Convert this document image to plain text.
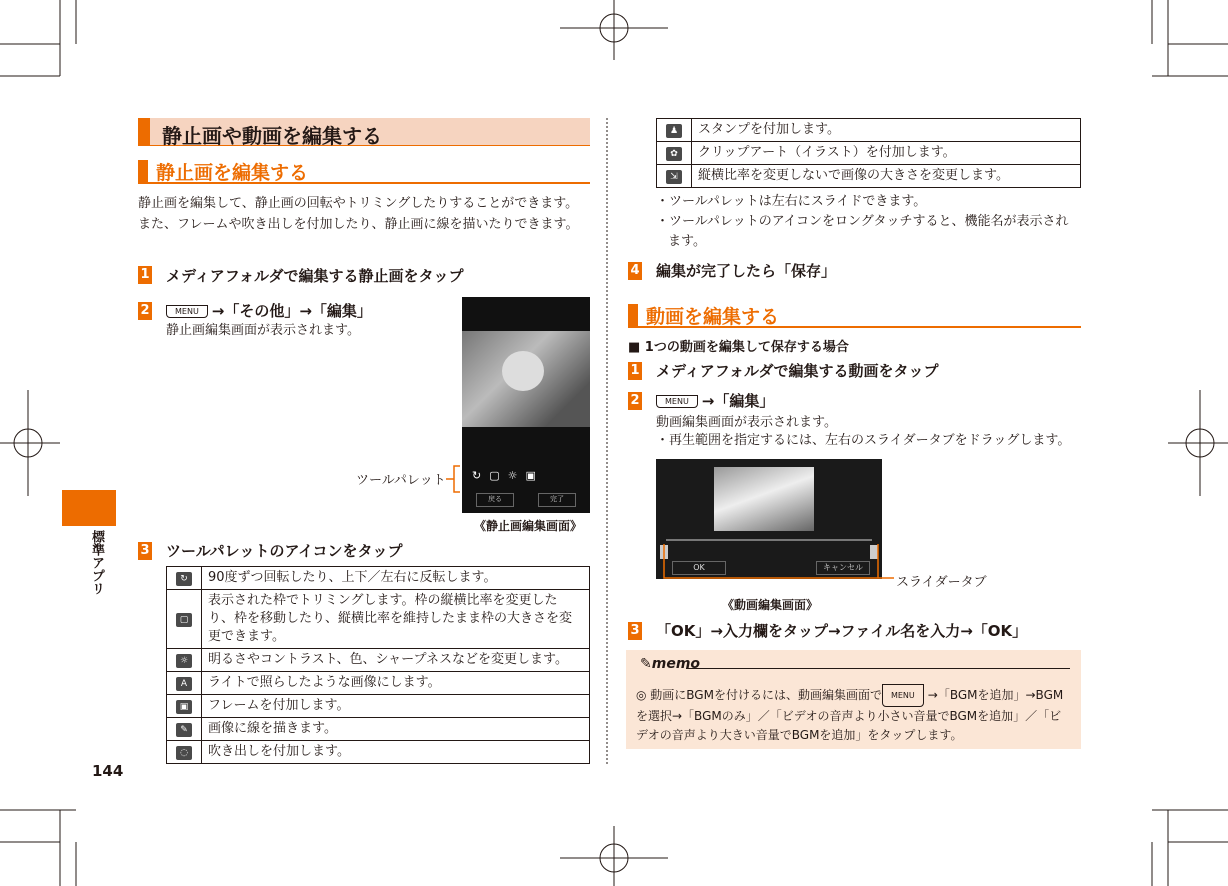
標準アプリ
144
静止画や動画を編集する
静止画を編集する
静止画を編集して、静止画の回転やトリミングしたりすることができます。また、フレームや吹き出しを付加したり、静止画に線を描いたりできます。
1 メディアフォルダで編集する静止画をタップ
2	MENU →「その他」→「編集」
静止画編集画面が表示されます。
↻▢☼▣
戻る	完了
ツールパレット
《静止画編集画面》
3 ツールパレットのアイコンをタップ
↻	90度ずつ回転したり、上下／左右に反転します。
▢	表示された枠でトリミングします。枠の縦横比率を変更したり、枠を移動したり、縦横比率を維持したまま枠の大きさを変更できます。
☼	明るさやコントラスト、色、シャープネスなどを変更します。
A	ライトで照らしたような画像にします。
▣	フレームを付加します。
✎	画像に線を描きます。
◌	吹き出しを付加します。
♟	スタンプを付加します。
✿	クリップアート（イラスト）を付加します。
⇲	縦横比率を変更しないで画像の大きさを変更します。
・ツールパレットは左右にスライドできます。
・ツールパレットのアイコンをロングタッチすると、機能名が表示されます。
4 編集が完了したら「保存」
動画を編集する
■ 1つの動画を編集して保存する場合
1 メディアフォルダで編集する動画をタップ
2	MENU →「編集」
動画編集画面が表示されます。
・再生範囲を指定するには、左右のスライダータブをドラッグします。
OK	キャンセル
スライダータブ
《動画編集画面》
3 「OK」→入力欄をタップ→ファイル名を入力→「OK」
✎memo
◎ 動画にBGMを付けるには、動画編集画面で MENU →「BGMを追加」→BGMを選択→「BGMのみ」／「ビデオの音声より小さい音量でBGMを追加」／「ビデオの音声より大きい音量でBGMを追加」をタップします。
